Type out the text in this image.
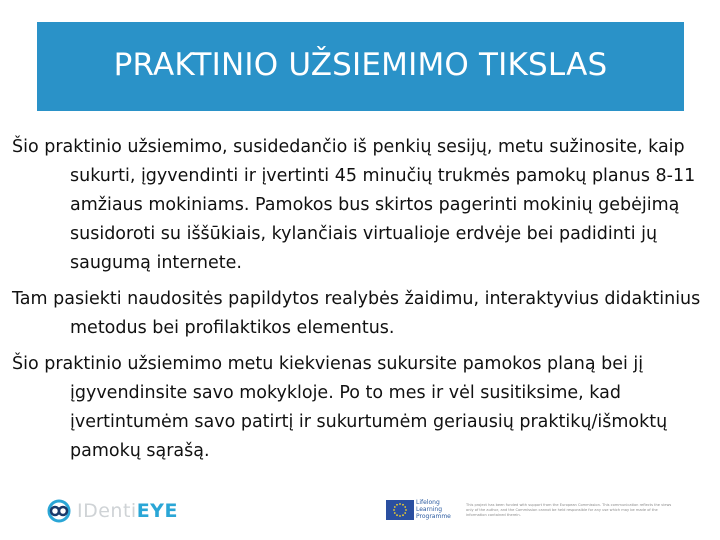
PRAKTINIO UŽSIEMIMO TIKSLAS

Šio praktinio užsiemimo, susidedančio iš penkių sesijų, metu sužinosite, kaip sukurti, įgyvendinti ir įvertinti 45 minučių trukmės pamokų planus 8-11 amžiaus mokiniams. Pamokos bus skirtos pagerinti mokinių gebėjimą susidoroti su iššūkiais, kylančiais virtualioje erdvėje bei padidinti jų saugumą internete.

Tam pasiekti naudositės papildytos realybės žaidimu, interaktyvius didaktinius metodus bei profilaktikos elementus.

Šio praktinio užsiemimo metu kiekvienas sukursite pamokos planą bei jį įgyvendinsite savo mokykloje. Po to mes ir vėl susitiksime, kad įvertintumėm savo patirtį ir sukurtumėm geriausių praktikų/išmoktų pamokų sąrašą.

IDenti EYE	Lifelong
Learning
Programme
This project has been funded with support from the European Commission. This communication reflects the views only of the author, and the Commission cannot be held responsible for any use which may be made of the information contained therein.
